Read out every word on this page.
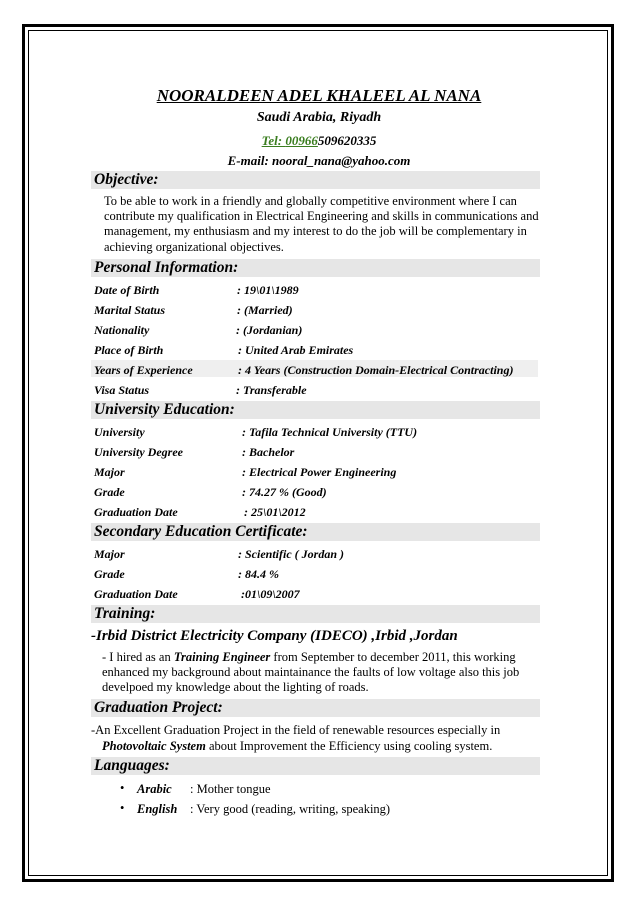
NOORALDEEN ADEL KHALEEL AL NANA
Saudi Arabia, Riyadh
Tel: 00966509620335
E-mail: nooral_nana@yahoo.com
Objective:
To be able to work in a friendly and globally competitive environment where I can contribute my qualification in Electrical Engineering and skills in communications and management, my enthusiasm and my interest to do the job will be complementary in achieving organizational objectives.
Personal Information:
Date of Birth	: 19\01\1989
Marital Status	: (Married)
Nationality	: (Jordanian)
Place of Birth	: United Arab Emirates
Years of Experience	: 4 Years (Construction Domain-Electrical Contracting)
Visa Status	: Transferable
University Education:
University	: Tafila Technical University (TTU)
University Degree	: Bachelor
Major	: Electrical Power Engineering
Grade	: 74.27 % (Good)
Graduation Date	: 25\01\2012
Secondary Education Certificate:
Major	: Scientific ( Jordan )
Grade	: 84.4 %
Graduation Date	:01\09\2007
Training:
-Irbid District Electricity Company (IDECO) ,Irbid ,Jordan
- I hired as an Training Engineer from September to december 2011, this working enhanced my background about maintainance the faults of low voltage also this job develpoed my knowledge about the lighting of roads.
Graduation Project:
-An Excellent Graduation Project in the field of renewable resources especially in
Photovoltaic System about Improvement the Efficiency using cooling system.
Languages:
• Arabic : Mother tongue
• English : Very good (reading, writing, speaking)
